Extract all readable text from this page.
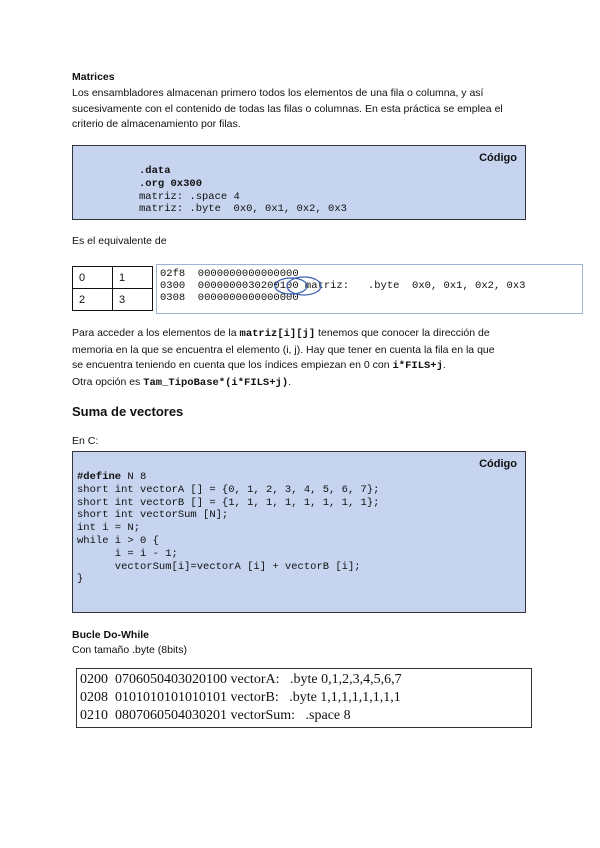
Matrices

Los ensambladores almacenan primero todos los elementos de una fila o columna, y así

sucesivamente con el contenido de todas las filas o columnas. En esta práctica se emplea el

criterio de almacenamiento por filas.

Código
.data
.org 0x300
matriz: .space 4
matriz: .byte  0x0, 0x1, 0x2, 0x3
Es el equivalente de
0	1
2	3
02f8  0000000000000000
0300  0000000030200100 matriz:   .byte  0x0, 0x1, 0x2, 0x3
0308  0000000000000000

Para acceder a los elementos de la matriz[i][j] tenemos que conocer la dirección de

memoria en la que se encuentra el elemento (i, j). Hay que tener en cuenta la fila en la que

se encuentra teniendo en cuenta que los índices empiezan en 0 con i*FILS+j.

Otra opción es Tam_TipoBase*(i*FILS+j).

Suma de vectores
En C:
Código
#define N 8
short int vectorA [] = {0, 1, 2, 3, 4, 5, 6, 7};
short int vectorB [] = {1, 1, 1, 1, 1, 1, 1, 1};
short int vectorSum [N];
int i = N;
while i > 0 {
i = i - 1;
vectorSum[i]=vectorA [i] + vectorB [i];
}
Bucle Do-While
Con tamaño .byte (8bits)
0200  0706050403020100 vectorA:   .byte 0,1,2,3,4,5,6,7
0208  0101010101010101 vectorB:   .byte 1,1,1,1,1,1,1,1
0210  0807060504030201 vectorSum:   .space 8
